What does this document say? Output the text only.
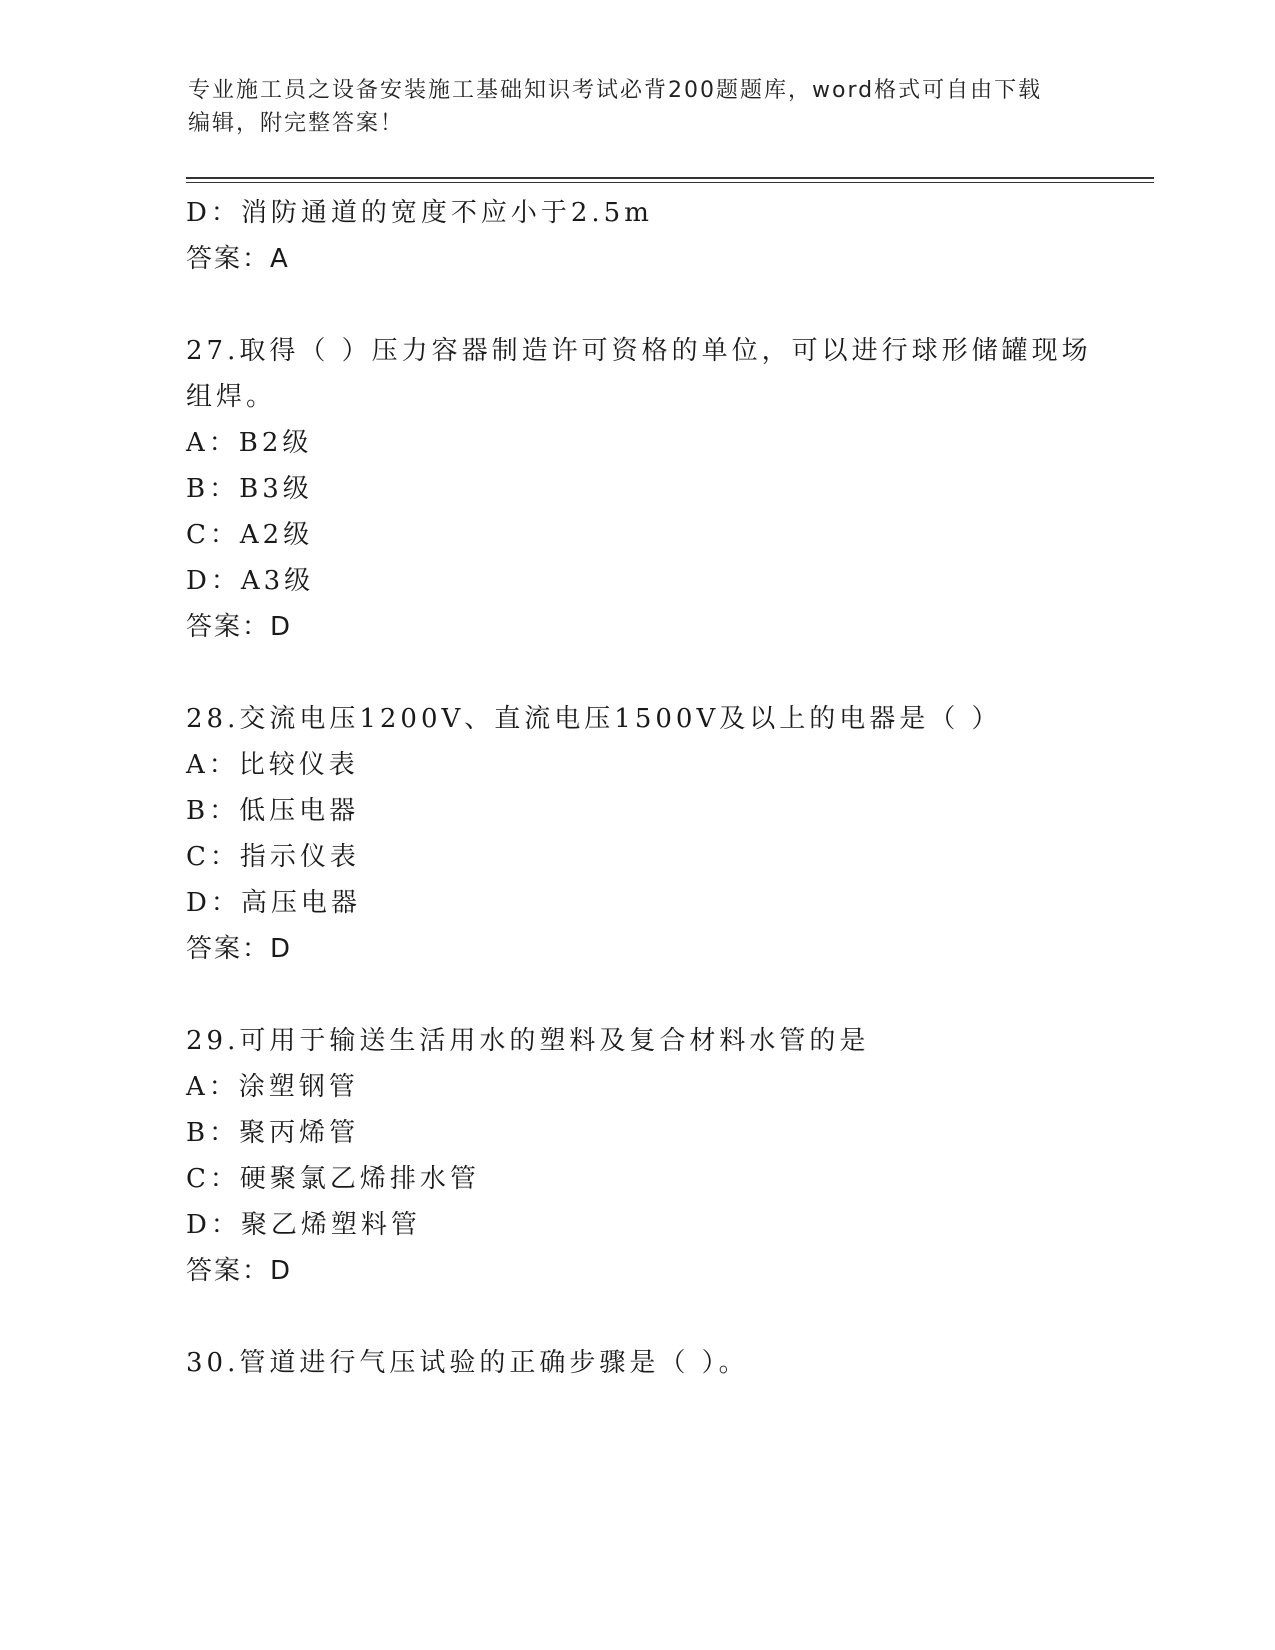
专业施工员之设备安装施工基础知识考试必背200题题库，word格式可自由下载
编辑，附完整答案！
D：消防通道的宽度不应小于2.5m
答案：A
27.取得（ ）压力容器制造许可资格的单位，可以进行球形储罐现场
组焊。
A：B2级
B：B3级
C：A2级
D：A3级
答案：D
28.交流电压1200V、直流电压1500V及以上的电器是（ ）
A：比较仪表
B：低压电器
C：指示仪表
D：高压电器
答案：D
29.可用于输送生活用水的塑料及复合材料水管的是
A：涂塑钢管
B：聚丙烯管
C：硬聚氯乙烯排水管
D：聚乙烯塑料管
答案：D
30.管道进行气压试验的正确步骤是（ ）。
